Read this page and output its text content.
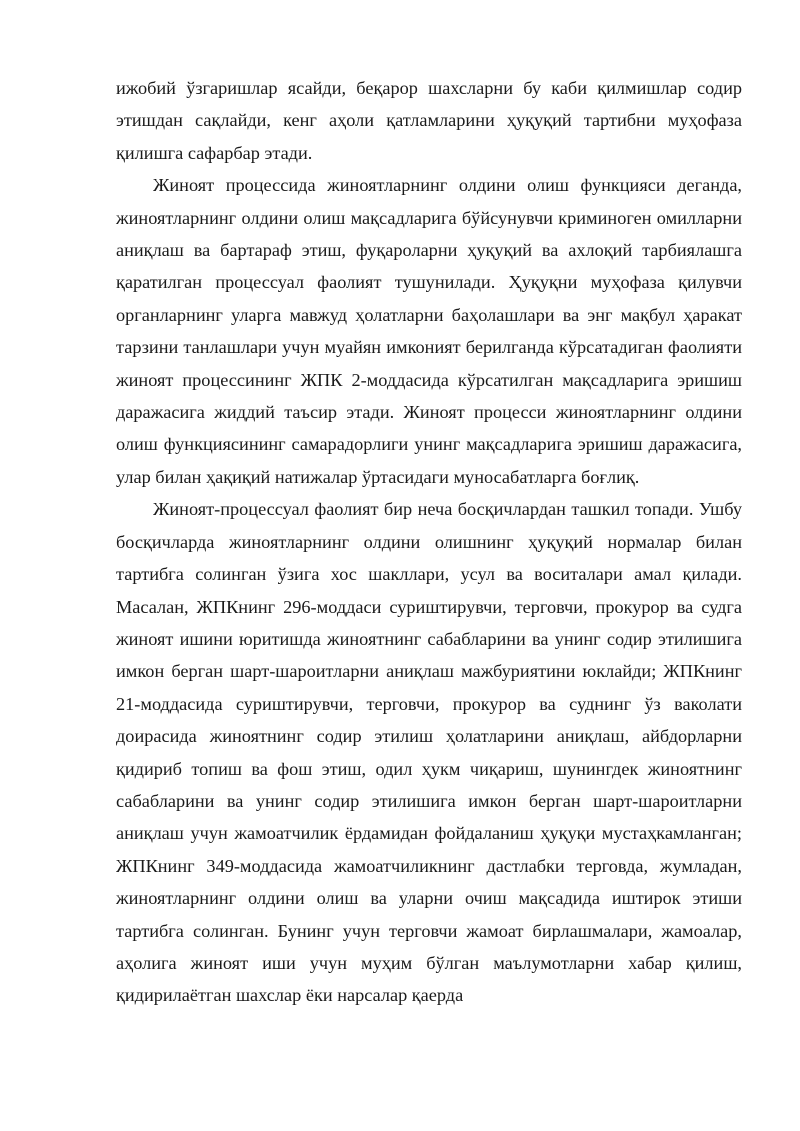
ижобий ўзгаришлар ясайди, беқарор шахсларни бу каби қилмишлар содир этишдан сақлайди, кенг аҳоли қатламларини ҳуқуқий тартибни муҳофаза қилишга сафарбар этади.

Жиноят процессида жиноятларнинг олдини олиш функцияси деганда, жиноятларнинг олдини олиш мақсадларига бўйсунувчи криминоген омилларни аниқлаш ва бартараф этиш, фуқароларни ҳуқуқий ва ахлоқий тарбиялашга қаратилган процессуал фаолият тушунилади. Ҳуқуқни муҳофаза қилувчи органларнинг уларга мавжуд ҳолатларни баҳолашлари ва энг мақбул ҳаракат тарзини танлашлари учун муайян имконият берилганда кўрсатадиган фаолияти жиноят процессининг ЖПК 2-моддасида кўрсатилган мақсадларига эришиш даражасига жиддий таъсир этади. Жиноят процесси жиноятларнинг олдини олиш функциясининг самарадорлиги унинг мақсадларига эришиш даражасига, улар билан ҳақиқий натижалар ўртасидаги муносабатларга боғлиқ.

Жиноят-процессуал фаолият бир неча босқичлардан ташкил топади. Ушбу босқичларда жиноятларнинг олдини олишнинг ҳуқуқий нормалар билан тартибга солинган ўзига хос шакллари, усул ва воситалари амал қилади. Масалан, ЖПКнинг 296-моддаси суриштирувчи, терговчи, прокурор ва судга жиноят ишини юритишда жиноятнинг сабабларини ва унинг содир этилишига имкон берган шарт-шароитларни аниқлаш мажбуриятини юклайди; ЖПКнинг 21-моддасида суриштирувчи, терговчи, прокурор ва суднинг ўз ваколати доирасида жиноятнинг содир этилиш ҳолатларини аниқлаш, айбдорларни қидириб топиш ва фош этиш, одил ҳукм чиқариш, шунингдек жиноятнинг сабабларини ва унинг содир этилишига имкон берган шарт-шароитларни аниқлаш учун жамоатчилик ёрдамидан фойдаланиш ҳуқуқи мустаҳкамланган; ЖПКнинг 349-моддасида жамоатчиликнинг дастлабки терговда, жумладан, жиноятларнинг олдини олиш ва уларни очиш мақсадида иштирок этиши тартибга солинган. Бунинг учун терговчи жамоат бирлашмалари, жамоалар, аҳолига жиноят иши учун муҳим бўлган маълумотларни хабар қилиш, қидирилаётган шахслар ёки нарсалар қаерда
